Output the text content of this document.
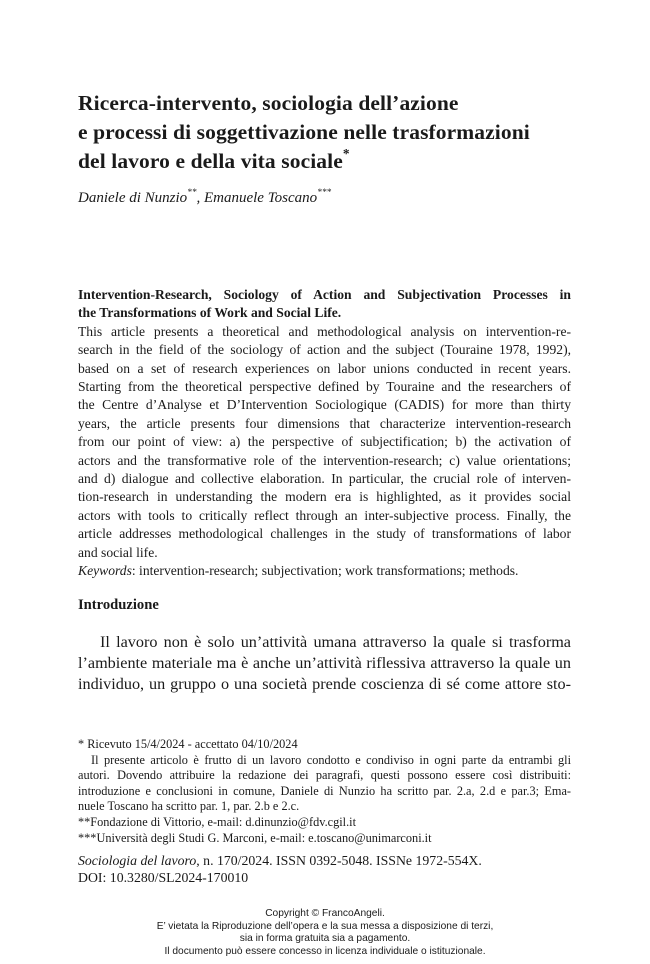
Ricerca-intervento, sociologia dell’azione
e processi di soggettivazione nelle trasformazioni
del lavoro e della vita sociale*
Daniele di Nunzio**, Emanuele Toscano***
Intervention-Research, Sociology of Action and Subjectivation Processes in
the Transformations of Work and Social Life.
This article presents a theoretical and methodological analysis on intervention-re-
search in the field of the sociology of action and the subject (Touraine 1978, 1992),
based on a set of research experiences on labor unions conducted in recent years.
Starting from the theoretical perspective defined by Touraine and the researchers of
the Centre d’Analyse et D’Intervention Sociologique (CADIS) for more than thirty
years, the article presents four dimensions that characterize intervention-research
from our point of view: a) the perspective of subjectification; b) the activation of
actors and the transformative role of the intervention-research; c) value orientations;
and d) dialogue and collective elaboration. In particular, the crucial role of interven-
tion-research in understanding the modern era is highlighted, as it provides social
actors with tools to critically reflect through an inter-subjective process. Finally, the
article addresses methodological challenges in the study of transformations of labor
and social life.
Keywords: intervention-research; subjectivation; work transformations; methods.
Introduzione
Il lavoro non è solo un’attività umana attraverso la quale si trasforma
l’ambiente materiale ma è anche un’attività riflessiva attraverso la quale un
individuo, un gruppo o una società prende coscienza di sé come attore sto-
* Ricevuto 15/4/2024 - accettato 04/10/2024
Il presente articolo è frutto di un lavoro condotto e condiviso in ogni parte da entrambi gli
autori. Dovendo attribuire la redazione dei paragrafi, questi possono essere così distribuiti:
introduzione e conclusioni in comune, Daniele di Nunzio ha scritto par. 2.a, 2.d e par.3; Ema-
nuele Toscano ha scritto par. 1, par. 2.b e 2.c.
**Fondazione di Vittorio, e-mail: d.dinunzio@fdv.cgil.it
***Università degli Studi G. Marconi, e-mail: e.toscano@unimarconi.it
Sociologia del lavoro, n. 170/2024. ISSN 0392-5048. ISSNe 1972-554X.
DOI: 10.3280/SL2024-170010
Copyright © FrancoAngeli.
E’ vietata la Riproduzione dell’opera e la sua messa a disposizione di terzi,
sia in forma gratuita sia a pagamento.
Il documento può essere concesso in licenza individuale o istituzionale.
